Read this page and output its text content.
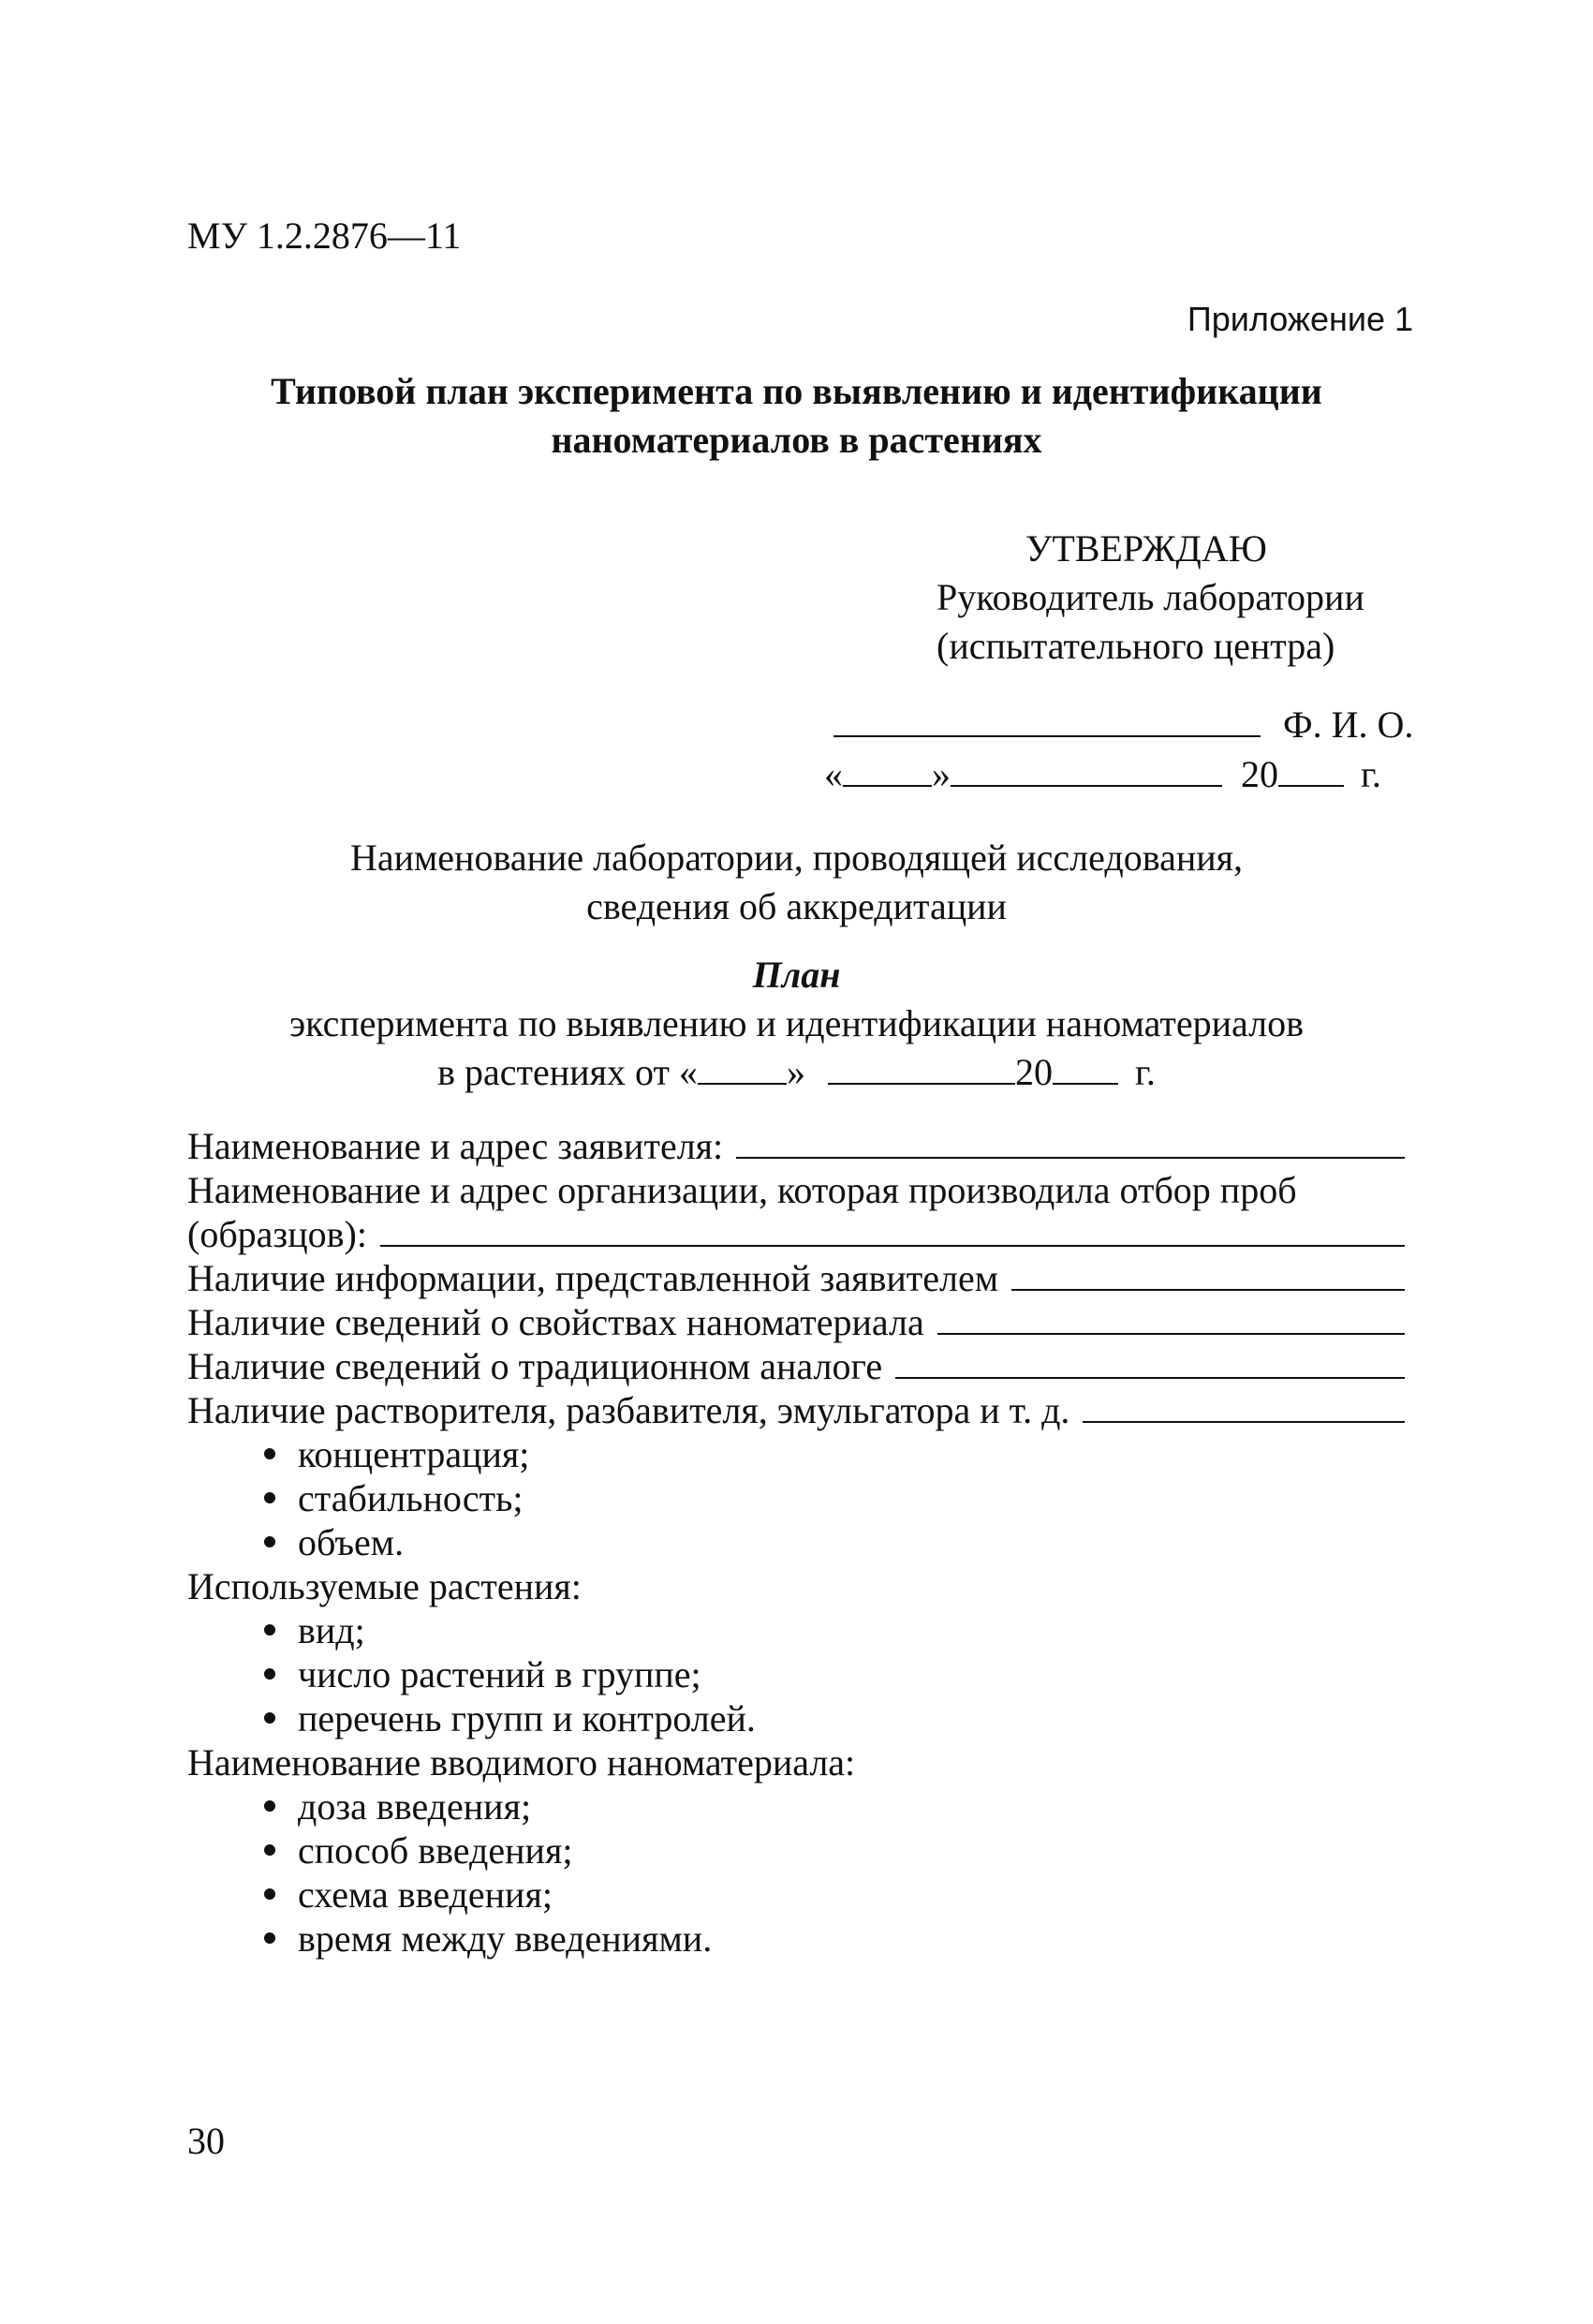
МУ 1.2.2876—11
Приложение 1
Типовой план эксперимента по выявлению и идентификации
наноматериалов в растениях
УТВЕРЖДАЮ
Руководитель лаборатории
(испытательного центра)
Ф. И. О.
« »	20 г.
Наименование лаборатории, проводящей исследования,
сведения об аккредитации
План
эксперимента по выявлению и идентификации наноматериалов
в растениях от « »	20 г.
Наименование и адрес заявителя:
Наименование и адрес организации, которая производила отбор проб
(образцов):
Наличие информации, представленной заявителем
Наличие сведений о свойствах наноматериала
Наличие сведений о традиционном аналоге
Наличие растворителя, разбавителя, эмульгатора и т. д.
концентрация;
стабильность;
объем.
Используемые растения:
вид;
число растений в группе;
перечень групп и контролей.
Наименование вводимого наноматериала:
доза введения;
способ введения;
схема введения;
время между введениями.
30
